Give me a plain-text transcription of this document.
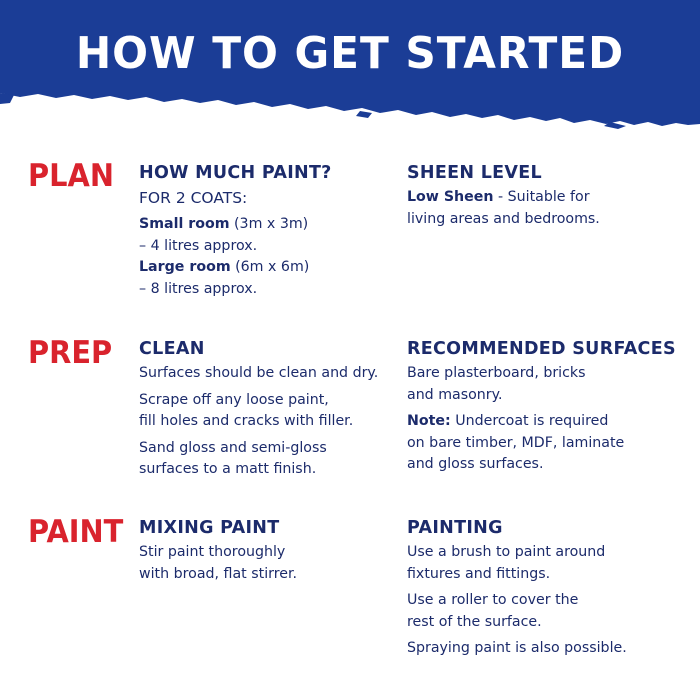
HOW TO GET STARTED
PLAN HOW MUCH PAINT?
FOR 2 COATS:
Small room (3m x 3m)
– 4 litres approx.
Large room (6m x 6m)
– 8 litres approx.
SHEEN LEVEL
Low Sheen - Suitable for
living areas and bedrooms.
PREP CLEAN
Surfaces should be clean and dry.
Scrape off any loose paint,
fill holes and cracks with filler.
Sand gloss and semi-gloss
surfaces to a matt finish.
RECOMMENDED SURFACES
Bare plasterboard, bricks
and masonry.
Note: Undercoat is required
on bare timber, MDF, laminate
and gloss surfaces.
PAINT MIXING PAINT
Stir paint thoroughly
with broad, flat stirrer.
PAINTING
Use a brush to paint around
fixtures and fittings.
Use a roller to cover the
rest of the surface.
Spraying paint is also possible.
